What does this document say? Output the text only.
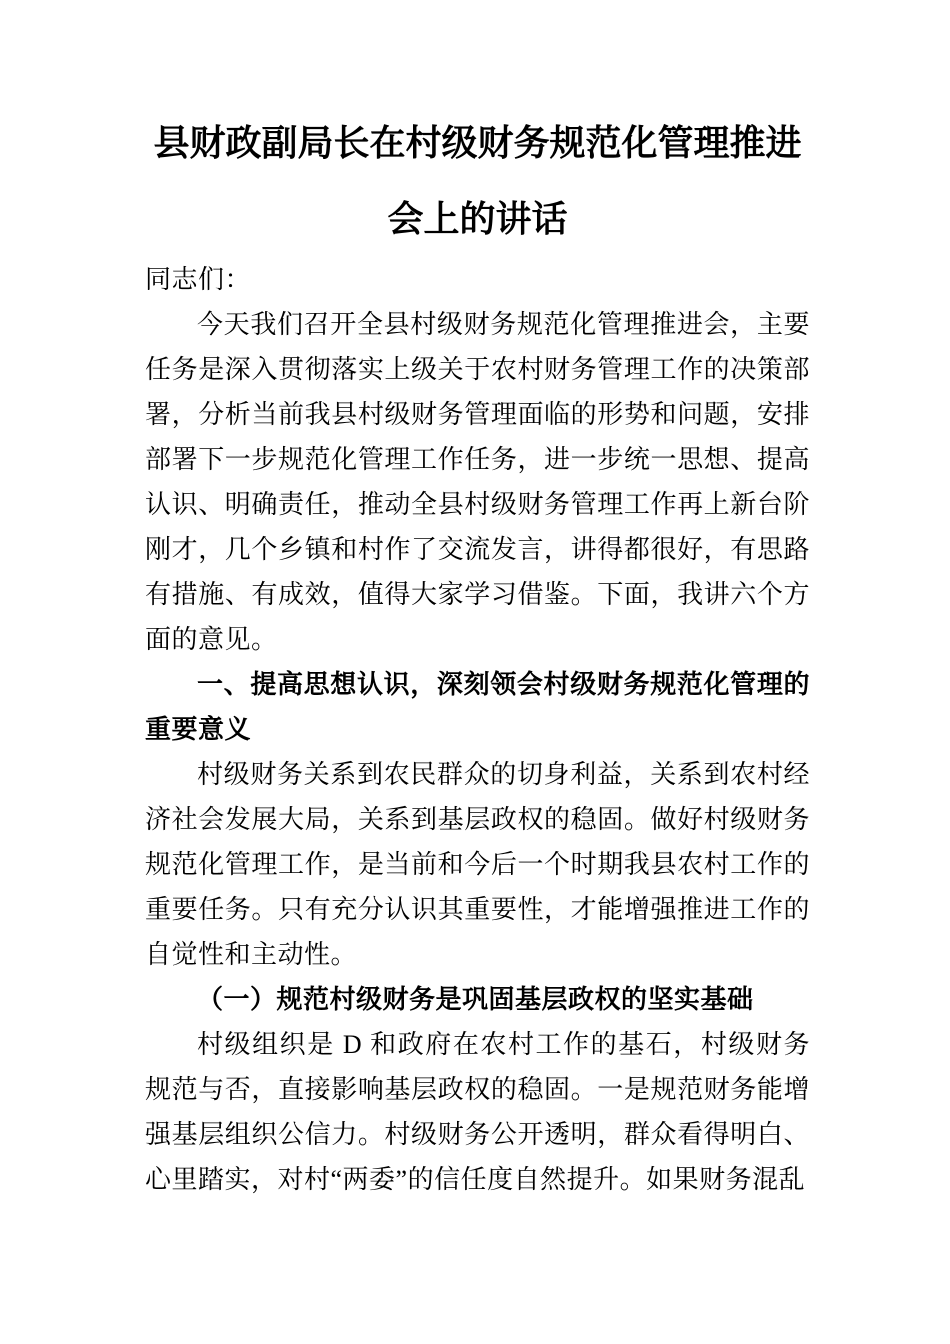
县财政副局长在村级财务规范化管理推进
会上的讲话

同志们：

今天我们召开全县村级财务规范化管理推进会，主要任务是深入贯彻落实上级关于农村财务管理工作的决策部署，分析当前我县村级财务管理面临的形势和问题，安排部署下一步规范化管理工作任务，进一步统一思想、提高认识、明确责任，推动全县村级财务管理工作再上新台阶刚才，几个乡镇和村作了交流发言，讲得都很好，有思路有措施、有成效，值得大家学习借鉴。下面，我讲六个方面的意见。

一、提高思想认识，深刻领会村级财务规范化管理的重要意义

村级财务关系到农民群众的切身利益，关系到农村经济社会发展大局，关系到基层政权的稳固。做好村级财务规范化管理工作，是当前和今后一个时期我县农村工作的重要任务。只有充分认识其重要性，才能增强推进工作的自觉性和主动性。

（一）规范村级财务是巩固基层政权的坚实基础

村级组织是 D 和政府在农村工作的基石，村级财务规范与否，直接影响基层政权的稳固。一是规范财务能增强基层组织公信力。村级财务公开透明，群众看得明白、心里踏实，对村“两委”的信任度自然提升。如果财务混乱
